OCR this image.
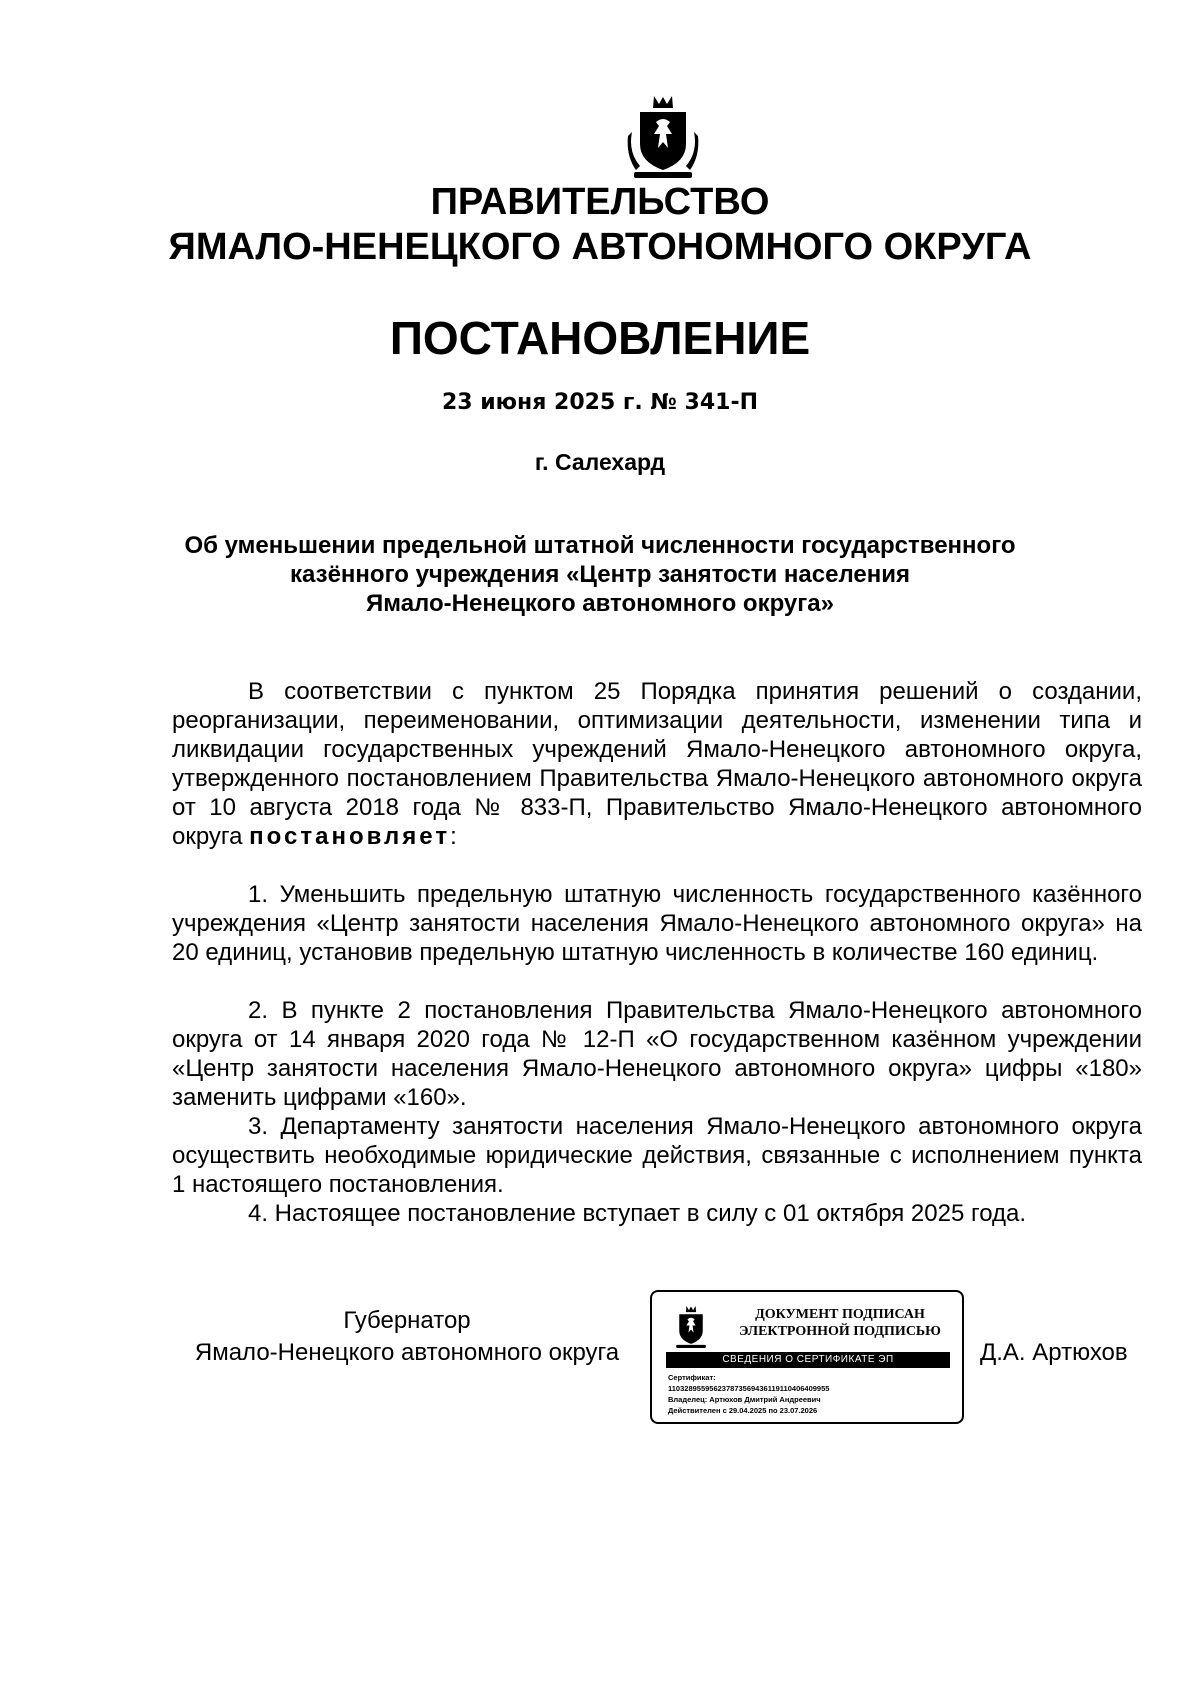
ПРАВИТЕЛЬСТВО
ЯМАЛО-НЕНЕЦКОГО АВТОНОМНОГО ОКРУГА
ПОСТАНОВЛЕНИЕ
23 июня 2025 г. № 341-П
г. Салехард
Об уменьшении предельной штатной численности государственного
казённого учреждения «Центр занятости населения
Ямало-Ненецкого автономного округа»

В соответствии с пунктом 25 Порядка принятия решений о создании, реорганизации, переименовании, оптимизации деятельности, изменении типа и ликвидации государственных учреждений Ямало-Ненецкого автономного округа, утвержденного постановлением Правительства Ямало-Ненецкого автономного округа от 10 августа 2018 года № 833-П, Правительство Ямало-Ненецкого автономного округа постановляет:

1. Уменьшить предельную штатную численность государственного казённого учреждения «Центр занятости населения Ямало-Ненецкого автономного округа» на 20 единиц, установив предельную штатную численность в количестве 160 единиц.

2. В пункте 2 постановления Правительства Ямало-Ненецкого автономного округа от 14 января 2020 года № 12-П «О государственном казённом учреждении «Центр занятости населения Ямало-Ненецкого автономного округа» цифры «180» заменить цифрами «160».

3. Департаменту занятости населения Ямало-Ненецкого автономного округа осуществить необходимые юридические действия, связанные с исполнением пункта 1 настоящего постановления.

4. Настоящее постановление вступает в силу с 01 октября 2025 года.

Губернатор
Ямало-Ненецкого автономного округа
ДОКУМЕНТ ПОДПИСАН
ЭЛЕКТРОННОЙ ПОДПИСЬЮ
СВЕДЕНИЯ О СЕРТИФИКАТЕ ЭП
Сертификат:
110328955956237873569436119110406409955
Владелец: Артюхов Дмитрий Андреевич
Действителен с 29.04.2025 по 23.07.2026
Д.А. Артюхов
